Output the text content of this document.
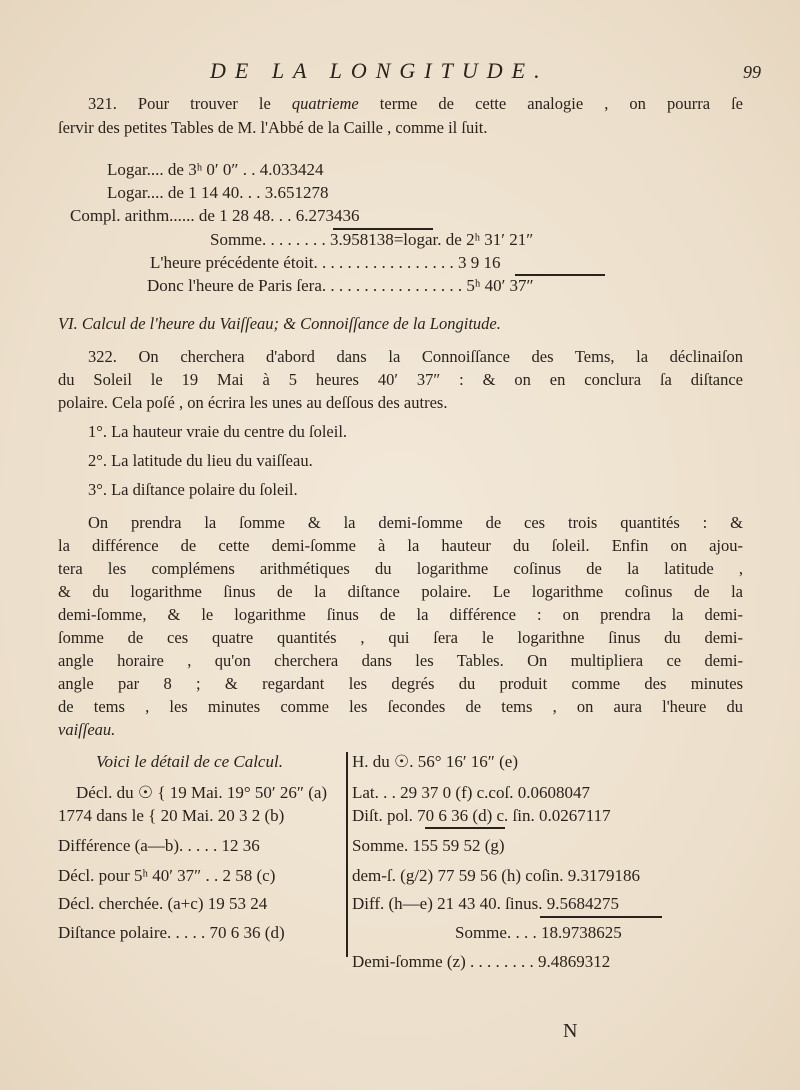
DE LA LONGITUDE.	99
321. Pour trouver le quatrieme terme de cette analogie , on pourra ſe
ſervir des petites Tables de M. l'Abbé de la Caille , comme il ſuit.
Logar.... de 3ʰ 0′ 0″ . . 4.033424
Logar.... de 1 14 40. . . 3.651278
Compl. arithm...... de 1 28 48. . . 6.273436
Somme. . . . . . . . 3.958138=logar. de 2ʰ 31′ 21″
L'heure précédente étoit. . . . . . . . . . . . . . . . . 3 9 16
Donc l'heure de Paris ſera. . . . . . . . . . . . . . . . . 5ʰ 40′ 37″
VI. Calcul de l'heure du Vaiſſeau; & Connoiſſance de la Longitude.
322. On cherchera d'abord dans la Connoiſſance des Tems, la déclinaiſon
du Soleil le 19 Mai à 5 heures 40′ 37″ : & on en conclura ſa diſtance
polaire. Cela poſé , on écrira les unes au deſſous des autres.
1°. La hauteur vraie du centre du ſoleil.
2°. La latitude du lieu du vaiſſeau.
3°. La diſtance polaire du ſoleil.
On prendra la ſomme & la demi-ſomme de ces trois quantités : &
la différence de cette demi-ſomme à la hauteur du ſoleil. Enfin on ajou-
tera les complémens arithmétiques du logarithme coſinus de la latitude ,
& du logarithme ſinus de la diſtance polaire. Le logarithme coſinus de la
demi-ſomme, & le logarithme ſinus de la différence : on prendra la demi-
ſomme de ces quatre quantités , qui ſera le logarithne ſinus du demi-
angle horaire , qu'on cherchera dans les Tables. On multipliera ce demi-
angle par 8 ; & regardant les degrés du produit comme des minutes
de tems , les minutes comme les ſecondes de tems , on aura l'heure du
vaiſſeau.
Voici le détail de ce Calcul.
Décl. du ☉ { 19 Mai. 19° 50′ 26″ (a)
1774 dans le { 20 Mai. 20 3 2 (b)
Différence (a—b). . . . . 12 36
Décl. pour 5ʰ 40′ 37″ . . 2 58 (c)
Décl. cherchée. (a+c) 19 53 24
Diſtance polaire. . . . . 70 6 36 (d)
H. du ☉. 56° 16′ 16″ (e)
Lat. . . 29 37 0 (f) c.coſ. 0.0608047
Diſt. pol. 70 6 36 (d) c. ſin. 0.0267117
Somme. 155 59 52 (g)
dem-ſ. (g/2) 77 59 56 (h) coſin. 9.3179186
Diff. (h—e) 21 43 40. ſinus. 9.5684275
Somme. . . . 18.9738625
Demi-ſomme (z) . . . . . . . . 9.4869312
N
